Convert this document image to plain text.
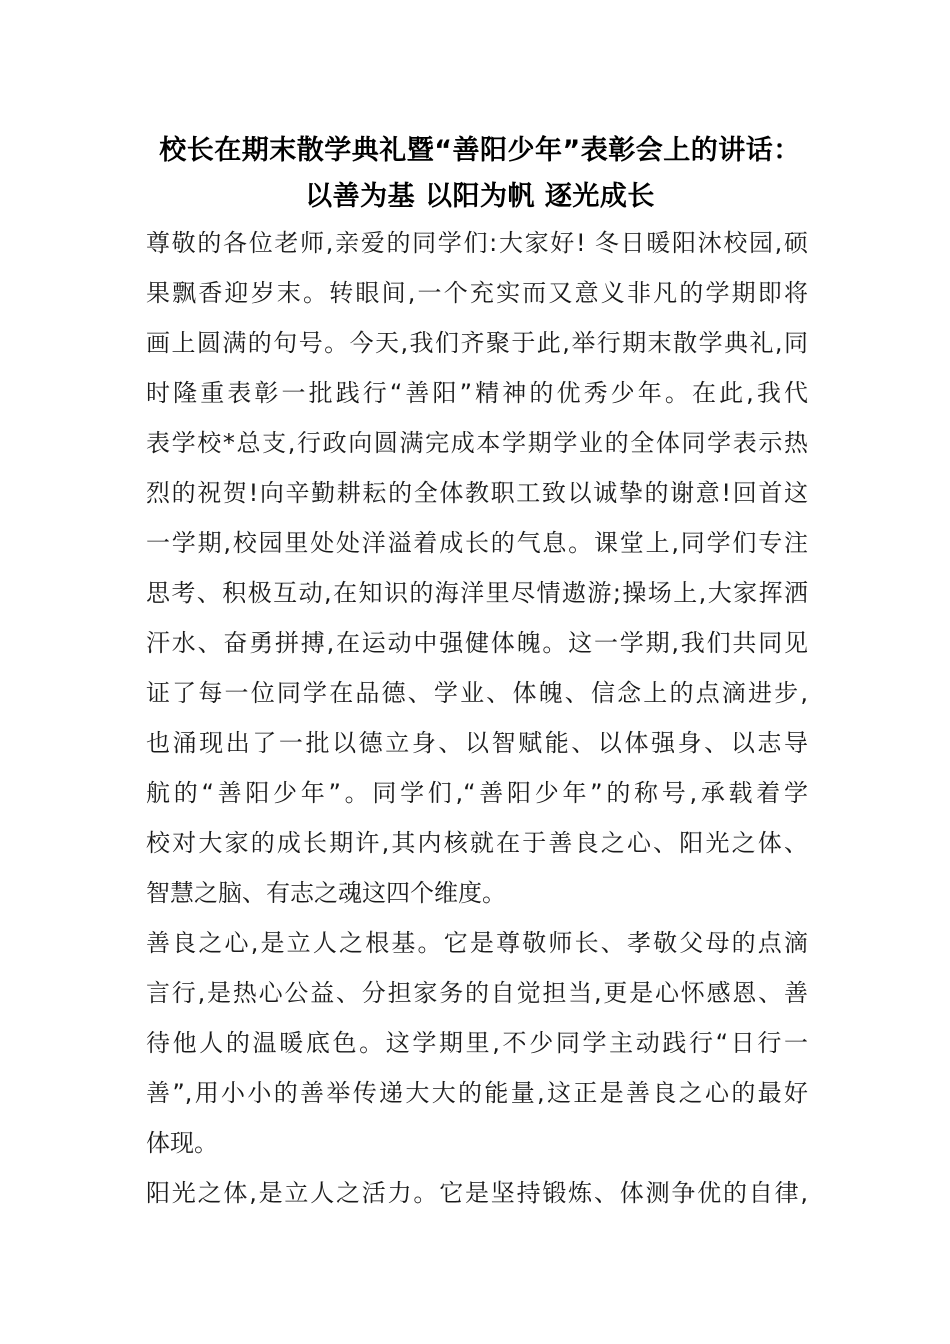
校长在期末散学典礼暨“善阳少年”表彰会上的讲话：
以善为基 以阳为帆 逐光成长
尊敬的各位老师,亲爱的同学们:大家好! 冬日暖阳沐校园,硕
果飘香迎岁末。转眼间,一个充实而又意义非凡的学期即将
画上圆满的句号。今天,我们齐聚于此,举行期末散学典礼,同
时隆重表彰一批践行“善阳”精神的优秀少年。在此,我代
表学校*总支,行政向圆满完成本学期学业的全体同学表示热
烈的祝贺!向辛勤耕耘的全体教职工致以诚挚的谢意!回首这
一学期,校园里处处洋溢着成长的气息。课堂上,同学们专注
思考、积极互动,在知识的海洋里尽情遨游;操场上,大家挥洒
汗水、奋勇拼搏,在运动中强健体魄。这一学期,我们共同见
证了每一位同学在品德、学业、体魄、信念上的点滴进步,
也涌现出了一批以德立身、以智赋能、以体强身、以志导
航的“善阳少年”。同学们,“善阳少年”的称号,承载着学
校对大家的成长期许,其内核就在于善良之心、阳光之体、
智慧之脑、有志之魂这四个维度。
善良之心,是立人之根基。它是尊敬师长、孝敬父母的点滴
言行,是热心公益、分担家务的自觉担当,更是心怀感恩、善
待他人的温暖底色。这学期里,不少同学主动践行“日行一
善”,用小小的善举传递大大的能量,这正是善良之心的最好
体现。
阳光之体,是立人之活力。它是坚持锻炼、体测争优的自律,
